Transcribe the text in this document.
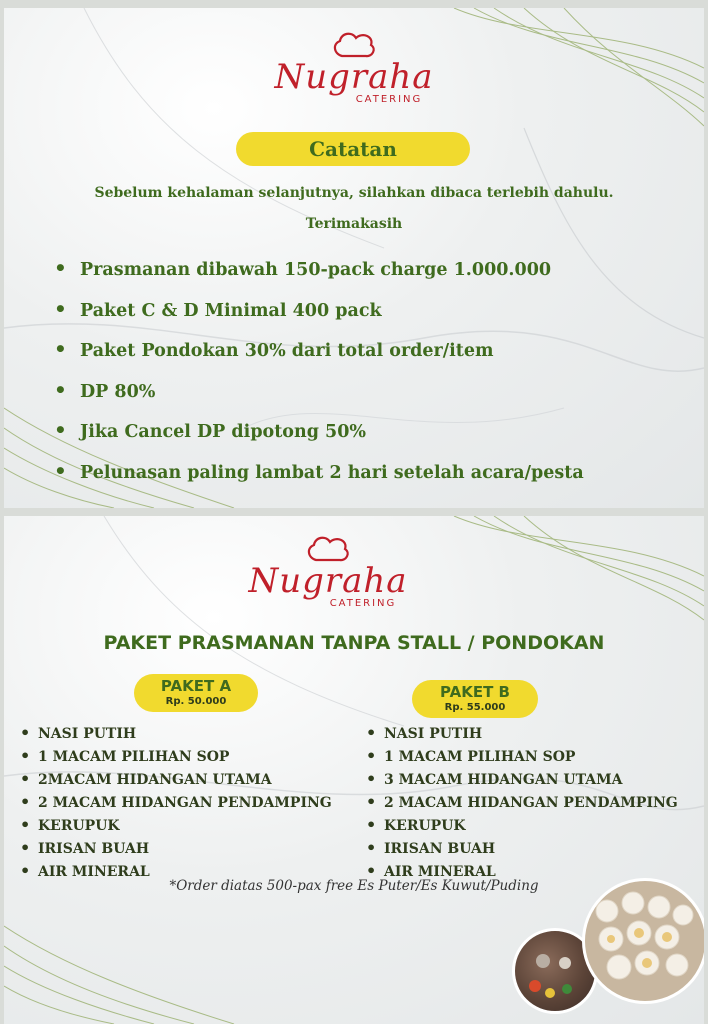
Nugraha
CATERING
Catatan
Sebelum kehalaman selanjutnya, silahkan dibaca terlebih dahulu.
Terimakasih
• Prasmanan dibawah 150-pack charge 1.000.000
• Paket C & D Minimal 400 pack
• Paket Pondokan 30% dari total order/item
• DP 80%
• Jika Cancel DP dipotong 50%
• Pelunasan paling lambat 2 hari setelah acara/pesta
Nugraha
CATERING
PAKET PRASMANAN TANPA STALL / PONDOKAN
PAKET A
Rp. 50.000
PAKET B
Rp. 55.000
• NASI PUTIH
• 1 MACAM PILIHAN SOP
• 2MACAM HIDANGAN UTAMA
• 2 MACAM HIDANGAN PENDAMPING
• KERUPUK
• IRISAN BUAH
• AIR MINERAL
• NASI PUTIH
• 1 MACAM PILIHAN SOP
• 3 MACAM HIDANGAN UTAMA
• 2 MACAM HIDANGAN PENDAMPING
• KERUPUK
• IRISAN BUAH
• AIR MINERAL
*Order diatas 500-pax free Es Puter/Es Kuwut/Puding
